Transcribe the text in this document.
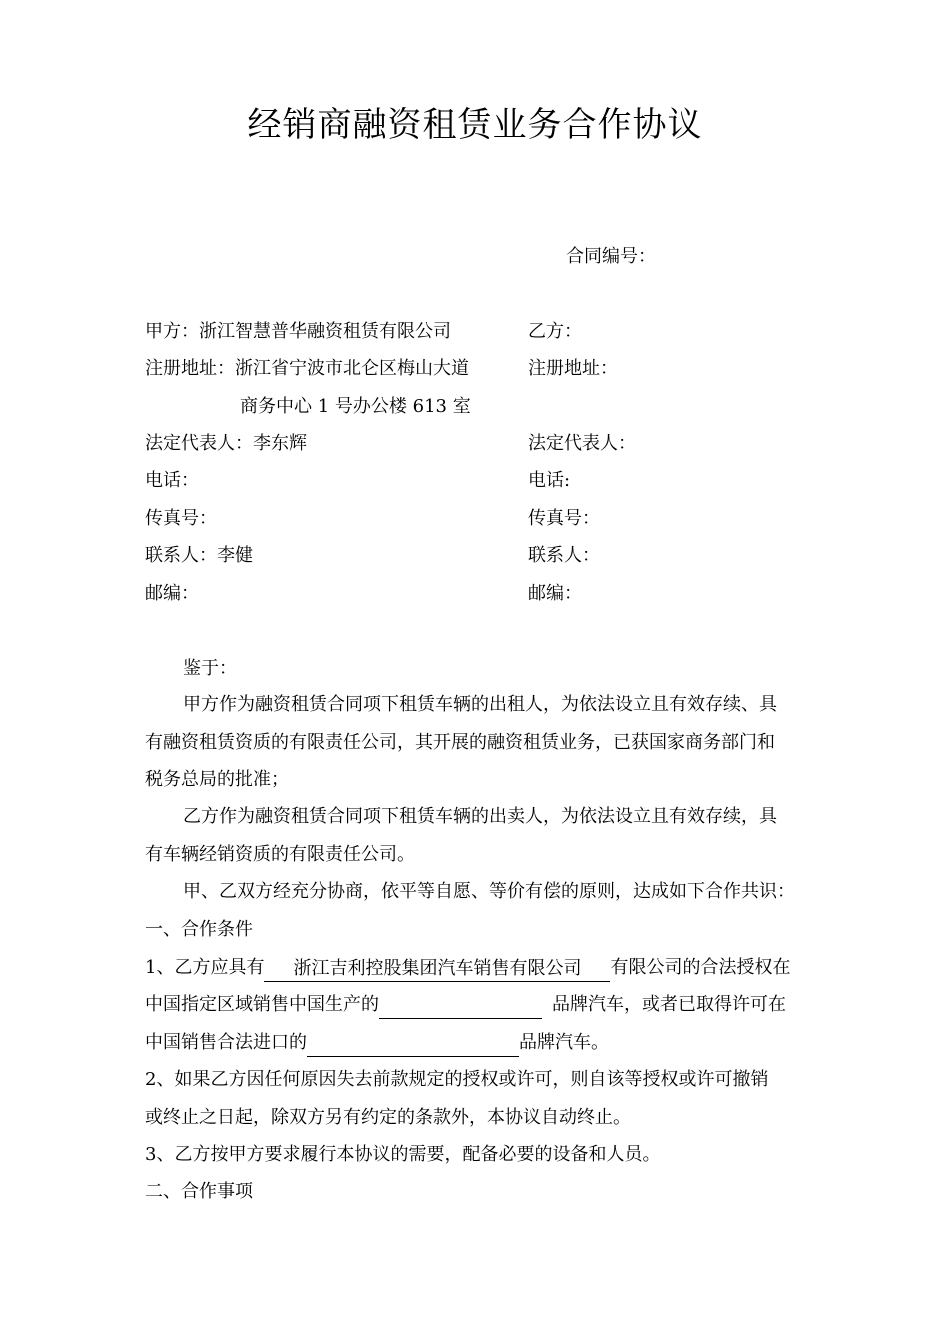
经销商融资租赁业务合作协议
合同编号：
甲方：浙江智慧普华融资租赁有限公司
注册地址：浙江省宁波市北仑区梅山大道
商务中心 1 号办公楼 613 室
法定代表人：李东辉
电话：
传真号：
联系人：李健
邮编：
乙方：
注册地址：
法定代表人：
电话:
传真号：
联系人：
邮编：
鉴于：
甲方作为融资租赁合同项下租赁车辆的出租人，为依法设立且有效存续、具
有融资租赁资质的有限责任公司，其开展的融资租赁业务，已获国家商务部门和
税务总局的批准；
乙方作为融资租赁合同项下租赁车辆的出卖人，为依法设立且有效存续，具
有车辆经销资质的有限责任公司。
甲、乙双方经充分协商，依平等自愿、等价有偿的原则，达成如下合作共识：
一、合作条件
1、乙方应具有 浙江吉利控股集团汽车销售有限公司 有限公司的合法授权在
中国指定区域销售中国生产的	品牌汽车，或者已取得许可在
中国销售合法进口的	品牌汽车。
2、如果乙方因任何原因失去前款规定的授权或许可，则自该等授权或许可撤销
或终止之日起，除双方另有约定的条款外，本协议自动终止。
3、乙方按甲方要求履行本协议的需要，配备必要的设备和人员。
二、合作事项
